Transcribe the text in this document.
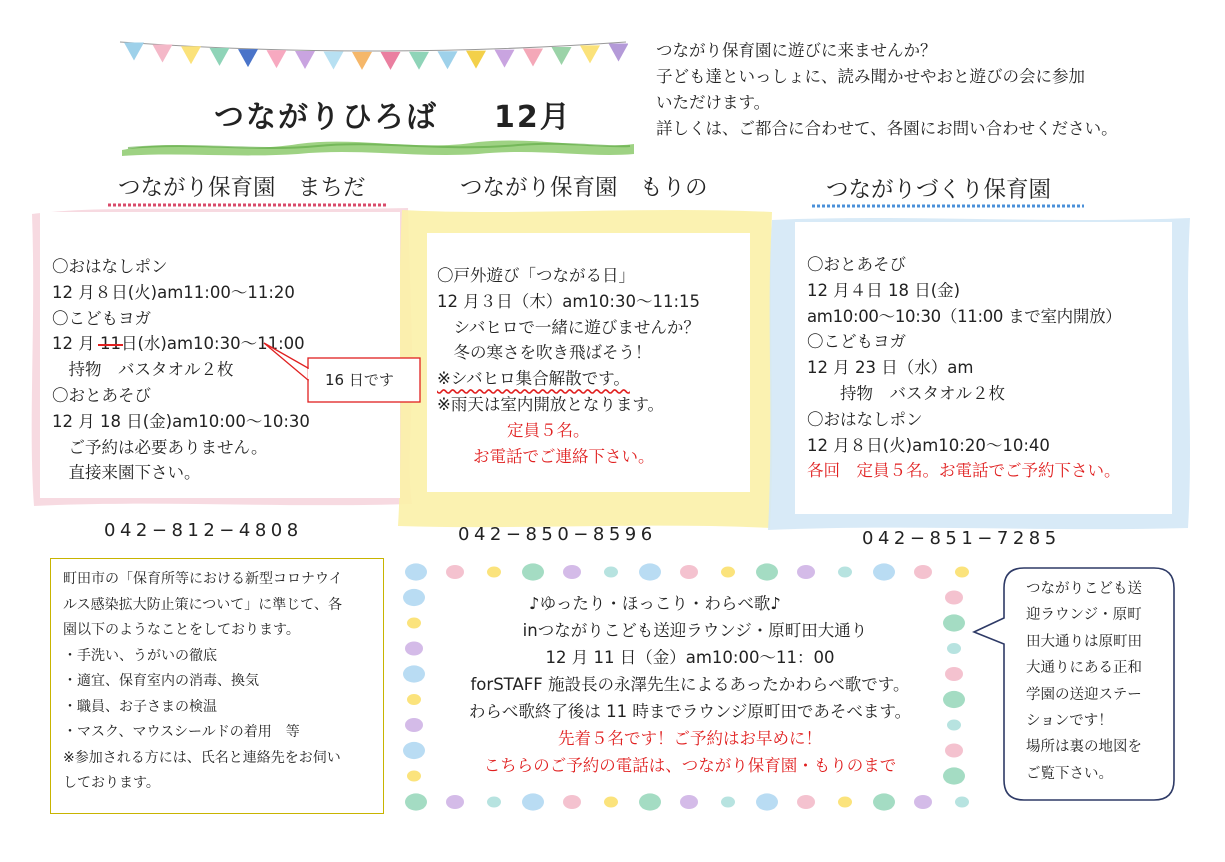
つながりひろば 12月
つながり保育園に遊びに来ませんか？
子ども達といっしょに、読み聞かせやおと遊びの会に参加
いただけます。
詳しくは、ご都合に合わせて、各園にお問い合わせください。
つながり保育園　まちだ	つながり保育園　もりの	つながりづくり保育園
〇おはなしポン
12 月８日(火)am11:00～11:20
〇こどもヨガ
12 月 11日(水)am10:30～11:00
　持物　バスタオル２枚
〇おとあそび
12 月 18 日(金)am10:00～10:30
　ご予約は必要ありません。
　直接来園下さい。
16 日です
〇戸外遊び「つながる日」
12 月３日（木）am10:30～11:15
　シバヒロで一緒に遊びませんか？
　冬の寒さを吹き飛ばそう！
※シバヒロ集合解散です。
※雨天は室内開放となります。
定員５名。
お電話でご連絡下さい。
〇おとあそび
12 月４日 18 日(金)
am10:00～10:30（11:00 まで室内開放）
〇こどもヨガ
12 月 23 日（水）am
　　持物　バスタオル２枚
〇おはなしポン
12 月８日(火)am10:20～10:40
各回　定員５名。お電話でご予約下さい。
042−812−4808	042−850−8596	042−851−7285
町田市の「保育所等における新型コロナウイ
ルス感染拡大防止策について」に準じて、各
園以下のようなことをしております。
・手洗い、うがいの徹底
・適宜、保育室内の消毒、換気
・職員、お子さまの検温
・マスク、マウスシールドの着用　等
※参加される方には、氏名と連絡先をお伺い
しております。
♪ゆったり・ほっこり・わらべ歌♪
inつながりこども送迎ラウンジ・原町田大通り
12 月 11 日（金）am10:00～11：00
forSTAFF 施設長の永澤先生によるあったかわらべ歌です。
わらべ歌終了後は 11 時までラウンジ原町田であそべます。
先着５名です！ご予約はお早めに！
こちらのご予約の電話は、つながり保育園・もりのまで
つながりこども送
迎ラウンジ・原町
田大通りは原町田
大通りにある正和
学園の送迎ステー
ションです！
場所は裏の地図を
ご覧下さい。
